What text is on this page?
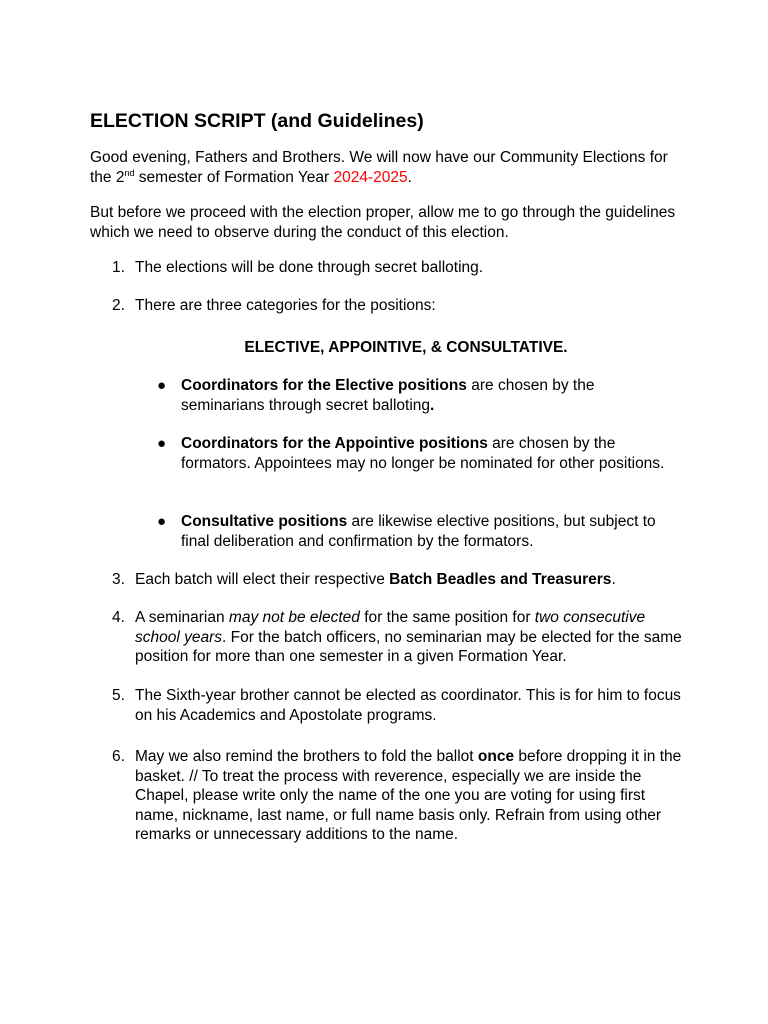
ELECTION SCRIPT (and Guidelines)

Good evening, Fathers and Brothers. We will now have our Community Elections for the 2nd semester of Formation Year 2024-2025.

But before we proceed with the election proper, allow me to go through the guidelines which we need to observe during the conduct of this election.

1. The elections will be done through secret balloting.
2. There are three categories for the positions:

ELECTIVE, APPOINTIVE, & CONSULTATIVE.

● Coordinators for the Elective positions are chosen by the seminarians through secret balloting.
● Coordinators for the Appointive positions are chosen by the formators. Appointees may no longer be nominated for other positions.
● Consultative positions are likewise elective positions, but subject to final deliberation and confirmation by the formators.
3. Each batch will elect their respective Batch Beadles and Treasurers.
4. A seminarian may not be elected for the same position for two consecutive school years. For the batch officers, no seminarian may be elected for the same position for more than one semester in a given Formation Year.
5. The Sixth-year brother cannot be elected as coordinator. This is for him to focus on his Academics and Apostolate programs.
6. May we also remind the brothers to fold the ballot once before dropping it in the basket. // To treat the process with reverence, especially we are inside the Chapel, please write only the name of the one you are voting for using first name, nickname, last name, or full name basis only. Refrain from using other remarks or unnecessary additions to the name.
